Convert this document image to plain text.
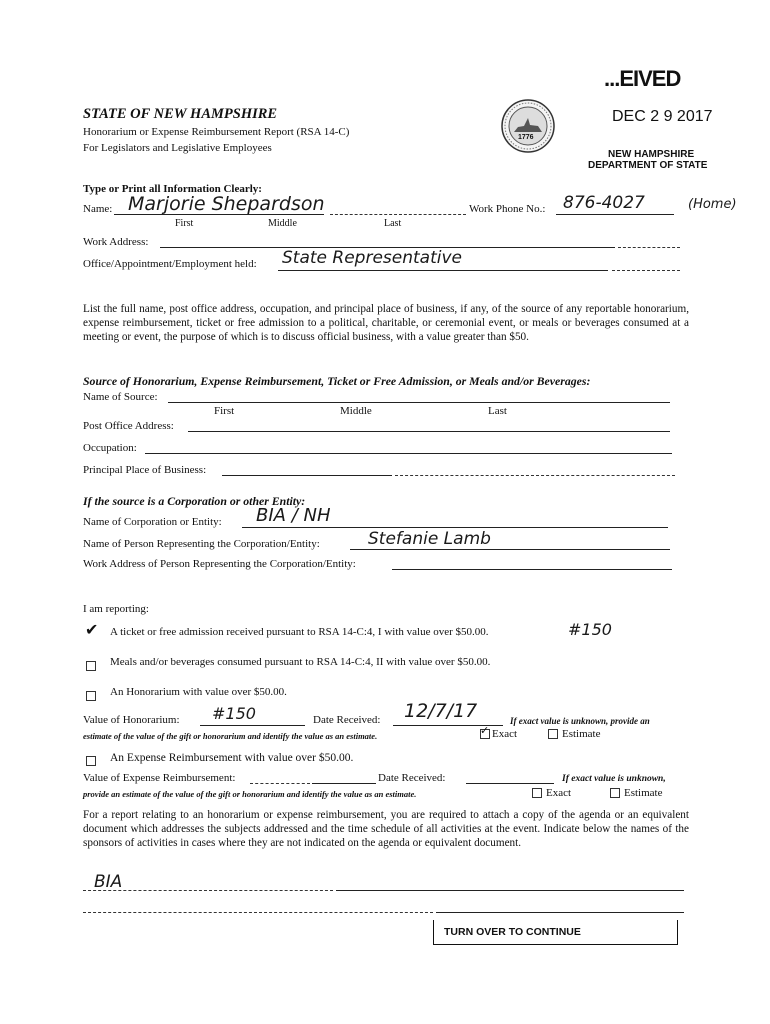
...EIVED
DEC 2 9 2017
NEW HAMPSHIRE
DEPARTMENT OF STATE
1776
STATE OF NEW HAMPSHIRE
Honorarium or Expense Reimbursement Report (RSA 14-C)
For Legislators and Legislative Employees
Type or Print all Information Clearly:
Name: Marjorie Shepardson
First	Middle	Last
Work Phone No.: 876-4027	(Home)
Work Address:
Office/Appointment/Employment held: State Representative
List the full name, post office address, occupation, and principal place of business, if any, of the source of any reportable honorarium, expense reimbursement, ticket or free admission to a political, charitable, or ceremonial event, or meals or beverages consumed at a meeting or event, the purpose of which is to discuss official business, with a value greater than $50.
Source of Honorarium, Expense Reimbursement, Ticket or Free Admission, or Meals and/or Beverages:
Name of Source:
First	Middle	Last
Post Office Address:
Occupation:
Principal Place of Business:
If the source is a Corporation or other Entity:
Name of Corporation or Entity: BIA / NH
Name of Person Representing the Corporation/Entity:	Stefanie Lamb
Work Address of Person Representing the Corporation/Entity:
I am reporting:
✔ A ticket or free admission received pursuant to RSA 14-C:4, I with value over $50.00.	#150
Meals and/or beverages consumed pursuant to RSA 14-C:4, II with value over $50.00.
An Honorarium with value over $50.00.
Value of Honorarium: #150	Date Received: 12/7/17	If exact value is unknown, provide an
estimate of the value of the gift or honorarium and identify the value as an estimate.	✓ Exact	Estimate
An Expense Reimbursement with value over $50.00.
Value of Expense Reimbursement:	Date Received:	If exact value is unknown,
provide an estimate of the value of the gift or honorarium and identify the value as an estimate.	Exact	Estimate
For a report relating to an honorarium or expense reimbursement, you are required to attach a copy of the agenda or an equivalent document which addresses the subjects addressed and the time schedule of all activities at the event. Indicate below the names of the sponsors of activities in cases where they are not indicated on the agenda or equivalent document.
BIA
TURN OVER TO CONTINUE
